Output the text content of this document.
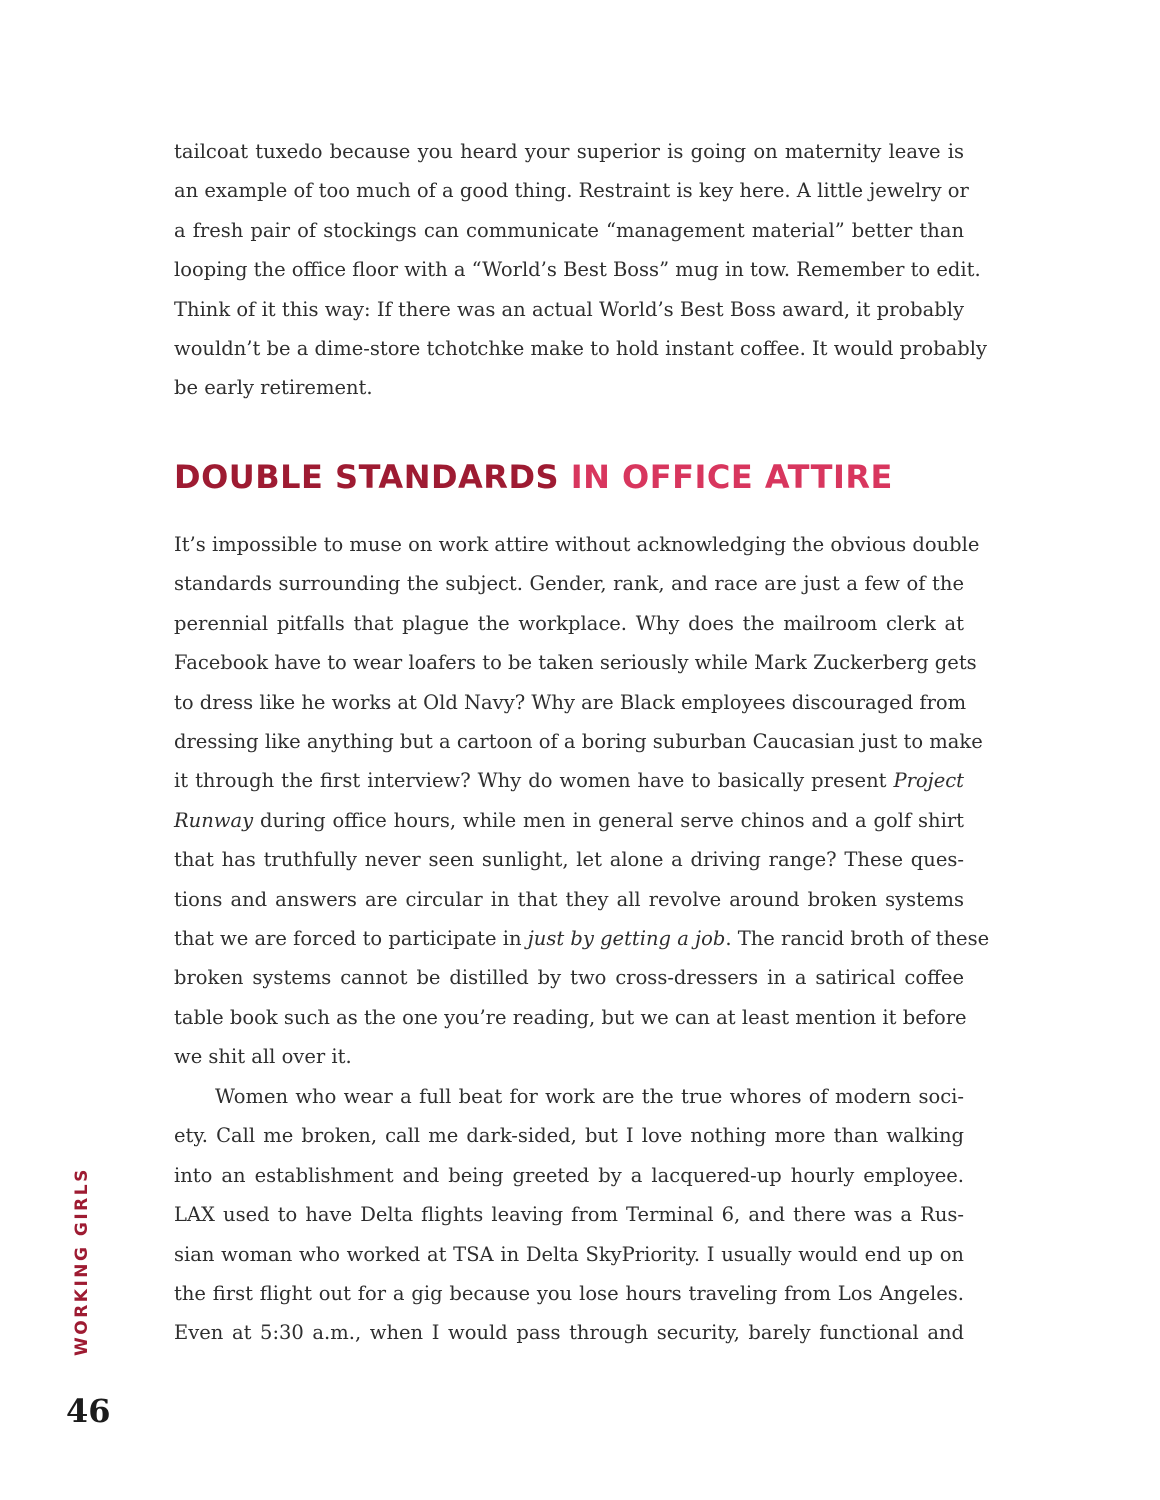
tailcoat tuxedo because you heard your superior is going on maternity leave is
an example of too much of a good thing. Restraint is key here. A little jewelry or
a fresh pair of stockings can communicate “management material” better than
looping the office floor with a “World’s Best Boss” mug in tow. Remember to edit.
Think of it this way: If there was an actual World’s Best Boss award, it probably
wouldn’t be a dime-store tchotchke make to hold instant coffee. It would probably
be early retirement.
DOUBLE STANDARDS IN OFFICE ATTIRE
It’s impossible to muse on work attire without acknowledging the obvious double
standards surrounding the subject. Gender, rank, and race are just a few of the
perennial pitfalls that plague the workplace. Why does the mailroom clerk at
Facebook have to wear loafers to be taken seriously while Mark Zuckerberg gets
to dress like he works at Old Navy? Why are Black employees discouraged from
dressing like anything but a cartoon of a boring suburban Caucasian just to make
it through the first interview? Why do women have to basically present Project
Runway during office hours, while men in general serve chinos and a golf shirt
that has truthfully never seen sunlight, let alone a driving range? These ques-
tions and answers are circular in that they all revolve around broken systems
that we are forced to participate in just by getting a job. The rancid broth of these
broken systems cannot be distilled by two cross-dressers in a satirical coffee
table book such as the one you’re reading, but we can at least mention it before
we shit all over it.
Women who wear a full beat for work are the true whores of modern soci-
ety. Call me broken, call me dark-sided, but I love nothing more than walking
into an establishment and being greeted by a lacquered-up hourly employee.
LAX used to have Delta flights leaving from Terminal 6, and there was a Rus-
sian woman who worked at TSA in Delta SkyPriority. I usually would end up on
the first flight out for a gig because you lose hours traveling from Los Angeles.
Even at 5:30 a.m., when I would pass through security, barely functional and
WORKING GIRLS
46
